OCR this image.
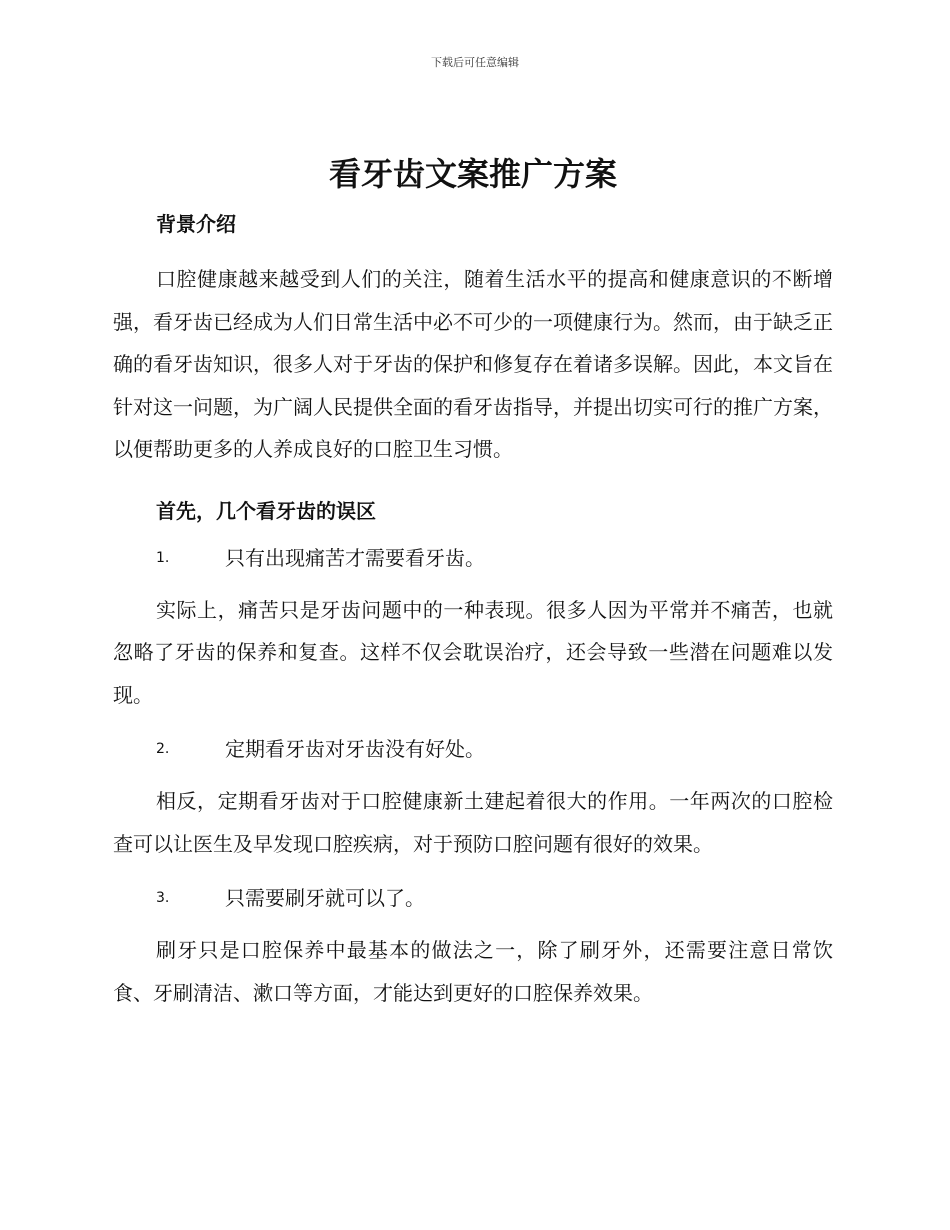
下载后可任意编辑
看牙齿文案推广方案
背景介绍

口腔健康越来越受到人们的关注，随着生活水平的提高和健康意识的不断增强，看牙齿已经成为人们日常生活中必不可少的一项健康行为。然而，由于缺乏正确的看牙齿知识，很多人对于牙齿的保护和修复存在着诸多误解。因此，本文旨在针对这一问题，为广阔人民提供全面的看牙齿指导，并提出切实可行的推广方案，以便帮助更多的人养成良好的口腔卫生习惯。

首先，几个看牙齿的误区
1.	只有出现痛苦才需要看牙齿。

实际上，痛苦只是牙齿问题中的一种表现。很多人因为平常并不痛苦，也就忽略了牙齿的保养和复查。这样不仅会耽误治疗，还会导致一些潜在问题难以发现。

2.	定期看牙齿对牙齿没有好处。

相反，定期看牙齿对于口腔健康新土建起着很大的作用。一年两次的口腔检查可以让医生及早发现口腔疾病，对于预防口腔问题有很好的效果。

3.	只需要刷牙就可以了。

刷牙只是口腔保养中最基本的做法之一，除了刷牙外，还需要注意日常饮食、牙刷清洁、漱口等方面，才能达到更好的口腔保养效果。
